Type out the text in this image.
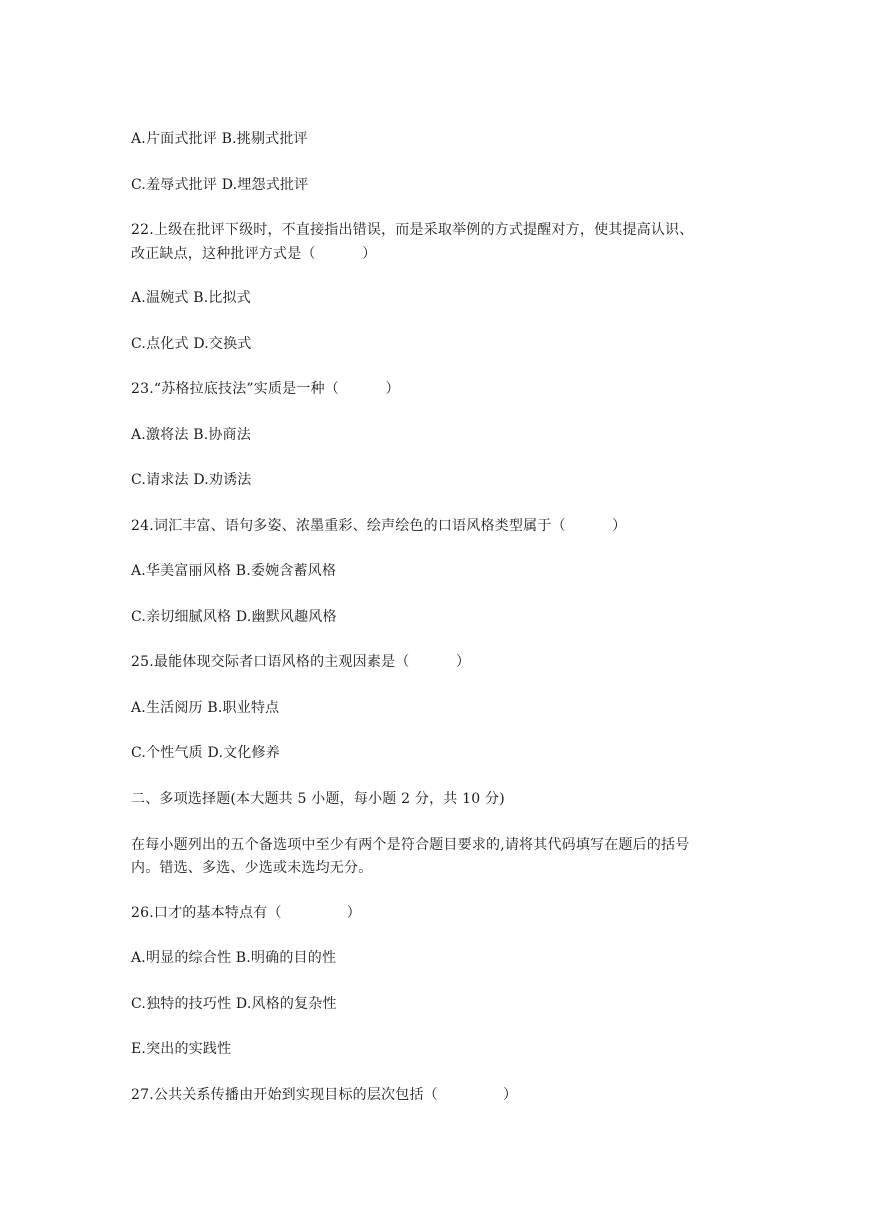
A.片面式批评 B.挑剔式批评
C.羞辱式批评 D.埋怨式批评
22.上级在批评下级时，不直接指出错误，而是采取举例的方式提醒对方，使其提高认识、
改正缺点，这种批评方式是（          ）
A.温婉式 B.比拟式
C.点化式 D.交换式
23.“苏格拉底技法”实质是一种（          ）
A.激将法 B.协商法
C.请求法 D.劝诱法
24.词汇丰富、语句多姿、浓墨重彩、绘声绘色的口语风格类型属于（          ）
A.华美富丽风格 B.委婉含蓄风格
C.亲切细腻风格 D.幽默风趣风格
25.最能体现交际者口语风格的主观因素是（          ）
A.生活阅历 B.职业特点
C.个性气质 D.文化修养
二、多项选择题(本大题共 5 小题，每小题 2 分，共 10 分)
在每小题列出的五个备选项中至少有两个是符合题目要求的,请将其代码填写在题后的括号
内。错选、多选、少选或未选均无分。
26.口才的基本特点有（              ）
A.明显的综合性 B.明确的目的性
C.独特的技巧性 D.风格的复杂性
E.突出的实践性
27.公共关系传播由开始到实现目标的层次包括（              ）
